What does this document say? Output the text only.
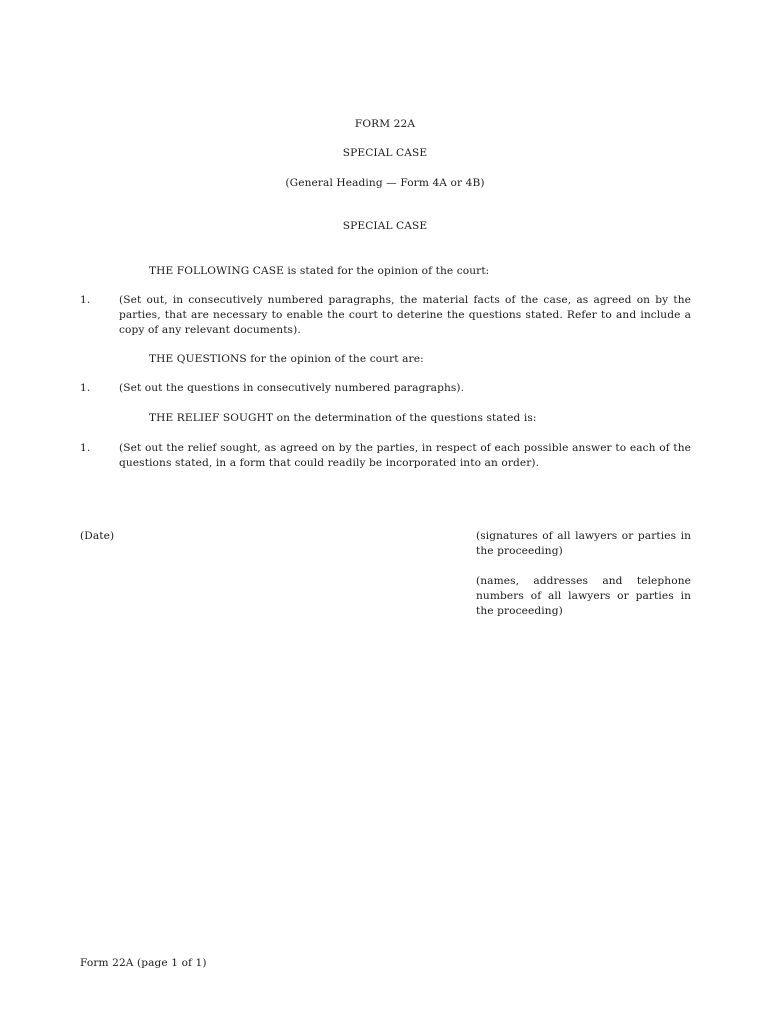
FORM 22A
SPECIAL CASE
(General Heading — Form 4A or 4B)
SPECIAL CASE
THE FOLLOWING CASE is stated for the opinion of the court:
1.	(Set out, in consecutively numbered paragraphs, the material facts of the case, as agreed on by the parties, that are necessary to enable the court to deterine the questions stated. Refer to and include a copy of any relevant documents).
THE QUESTIONS for the opinion of the court are:
1.	(Set out the questions in consecutively numbered paragraphs).
THE RELIEF SOUGHT on the determination of the questions stated is:
1.	(Set out the relief sought, as agreed on by the parties, in respect of each possible answer to each of the questions stated, in a form that could readily be incorporated into an order).
(Date)	(signatures of all lawyers or parties in the proceeding)
(names, addresses and telephone numbers of all lawyers or parties in the proceeding)
Form 22A (page 1 of 1)
